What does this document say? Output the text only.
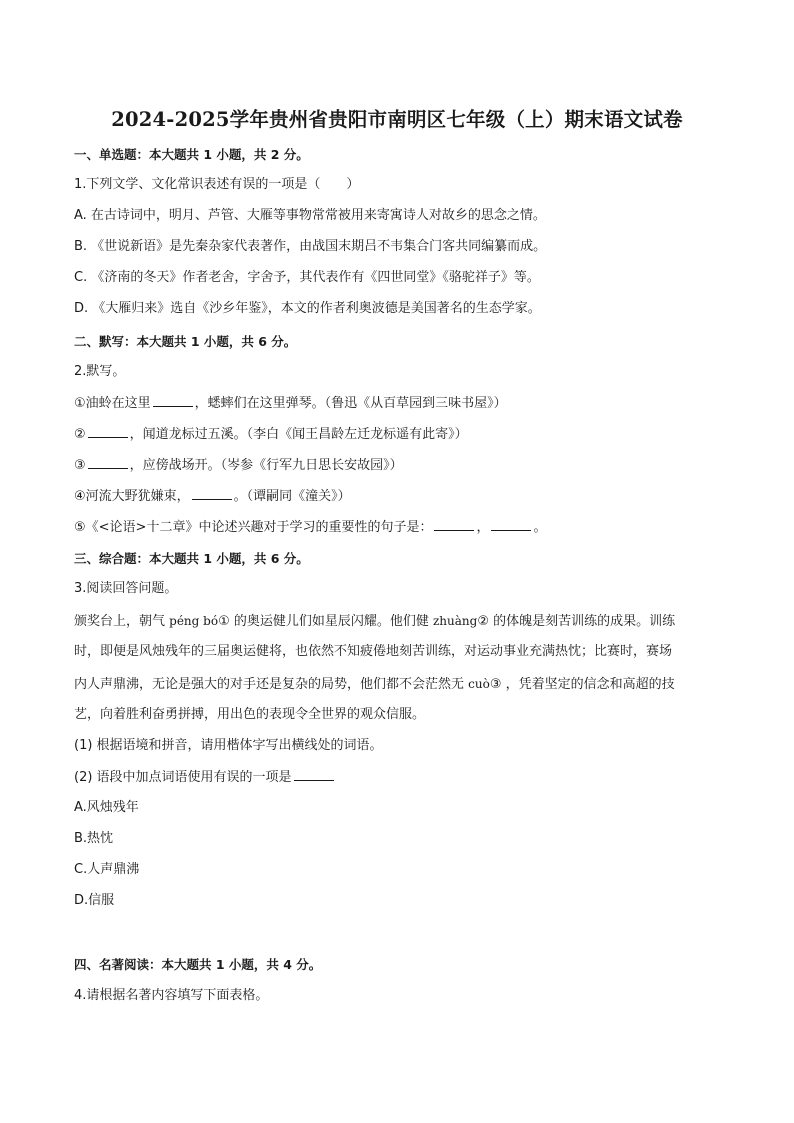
2024-2025学年贵州省贵阳市南明区七年级（上）期末语文试卷
一、单选题：本大题共 1 小题，共 2 分。
1.下列文学、文化常识表述有误的一项是（　　）
A. 在古诗词中，明月、芦管、大雁等事物常常被用来寄寓诗人对故乡的思念之情。
B. 《世说新语》是先秦杂家代表著作，由战国末期吕不韦集合门客共同编纂而成。
C. 《济南的冬天》作者老舍，字舍予，其代表作有《四世同堂》《骆驼祥子》等。
D. 《大雁归来》选自《沙乡年鉴》，本文的作者利奥波德是美国著名的生态学家。
二、默写：本大题共 1 小题，共 6 分。
2.默写。
①油蛉在这里	，蟋蟀们在这里弹琴。（鲁迅《从百草园到三味书屋》）
②	，闻道龙标过五溪。（李白《闻王昌龄左迁龙标遥有此寄》）
③	，应傍战场开。（岑参《行军九日思长安故园》）
④河流大野犹嫌束，	。（谭嗣同《潼关》）
⑤《<论语>十二章》中论述兴趣对于学习的重要性的句子是：	，	。
三、综合题：本大题共 1 小题，共 6 分。
3.阅读回答问题。
颁奖台上，朝气 péng bó① 的奥运健儿们如星辰闪耀。他们健 zhuàng② 的体魄是刻苦训练的成果。训练
时，即便是风烛残年的三届奥运健将，也依然不知疲倦地刻苦训练，对运动事业充满热忱；比赛时，赛场
内人声鼎沸，无论是强大的对手还是复杂的局势，他们都不会茫然无 cuò③ ，凭着坚定的信念和高超的技
艺，向着胜利奋勇拼搏，用出色的表现令全世界的观众信服。
(1) 根据语境和拼音，请用楷体字写出横线处的词语。
(2) 语段中加点词语使用有误的一项是
A.风烛残年
B.热忱
C.人声鼎沸
D.信服
四、名著阅读：本大题共 1 小题，共 4 分。
4.请根据名著内容填写下面表格。
